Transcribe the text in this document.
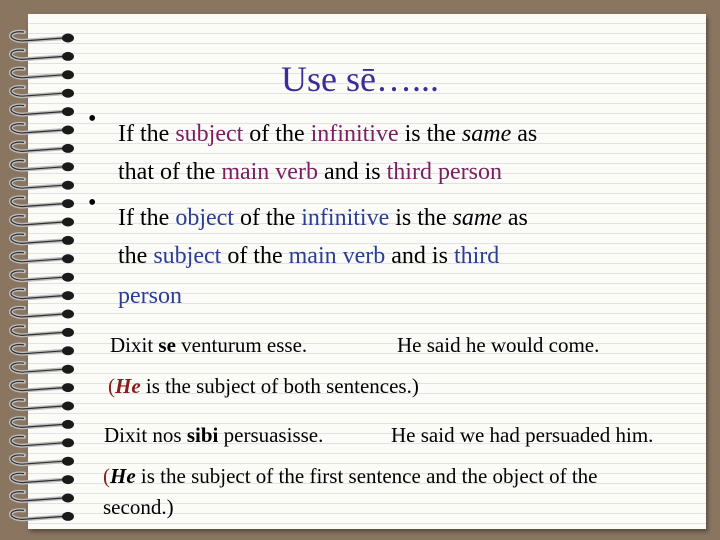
Use sē…...
•
If the subject of the infinitive is the same as
that of the main verb and is third person
•
If the object of the infinitive is the same as
the subject of the main verb and is third
person
Dixit se venturum esse.	He said he would come.
(He is the subject of both sentences.)
Dixit nos sibi persuasisse.	He said we had persuaded him.
(He is the subject of the first sentence and the object of the
second.)
